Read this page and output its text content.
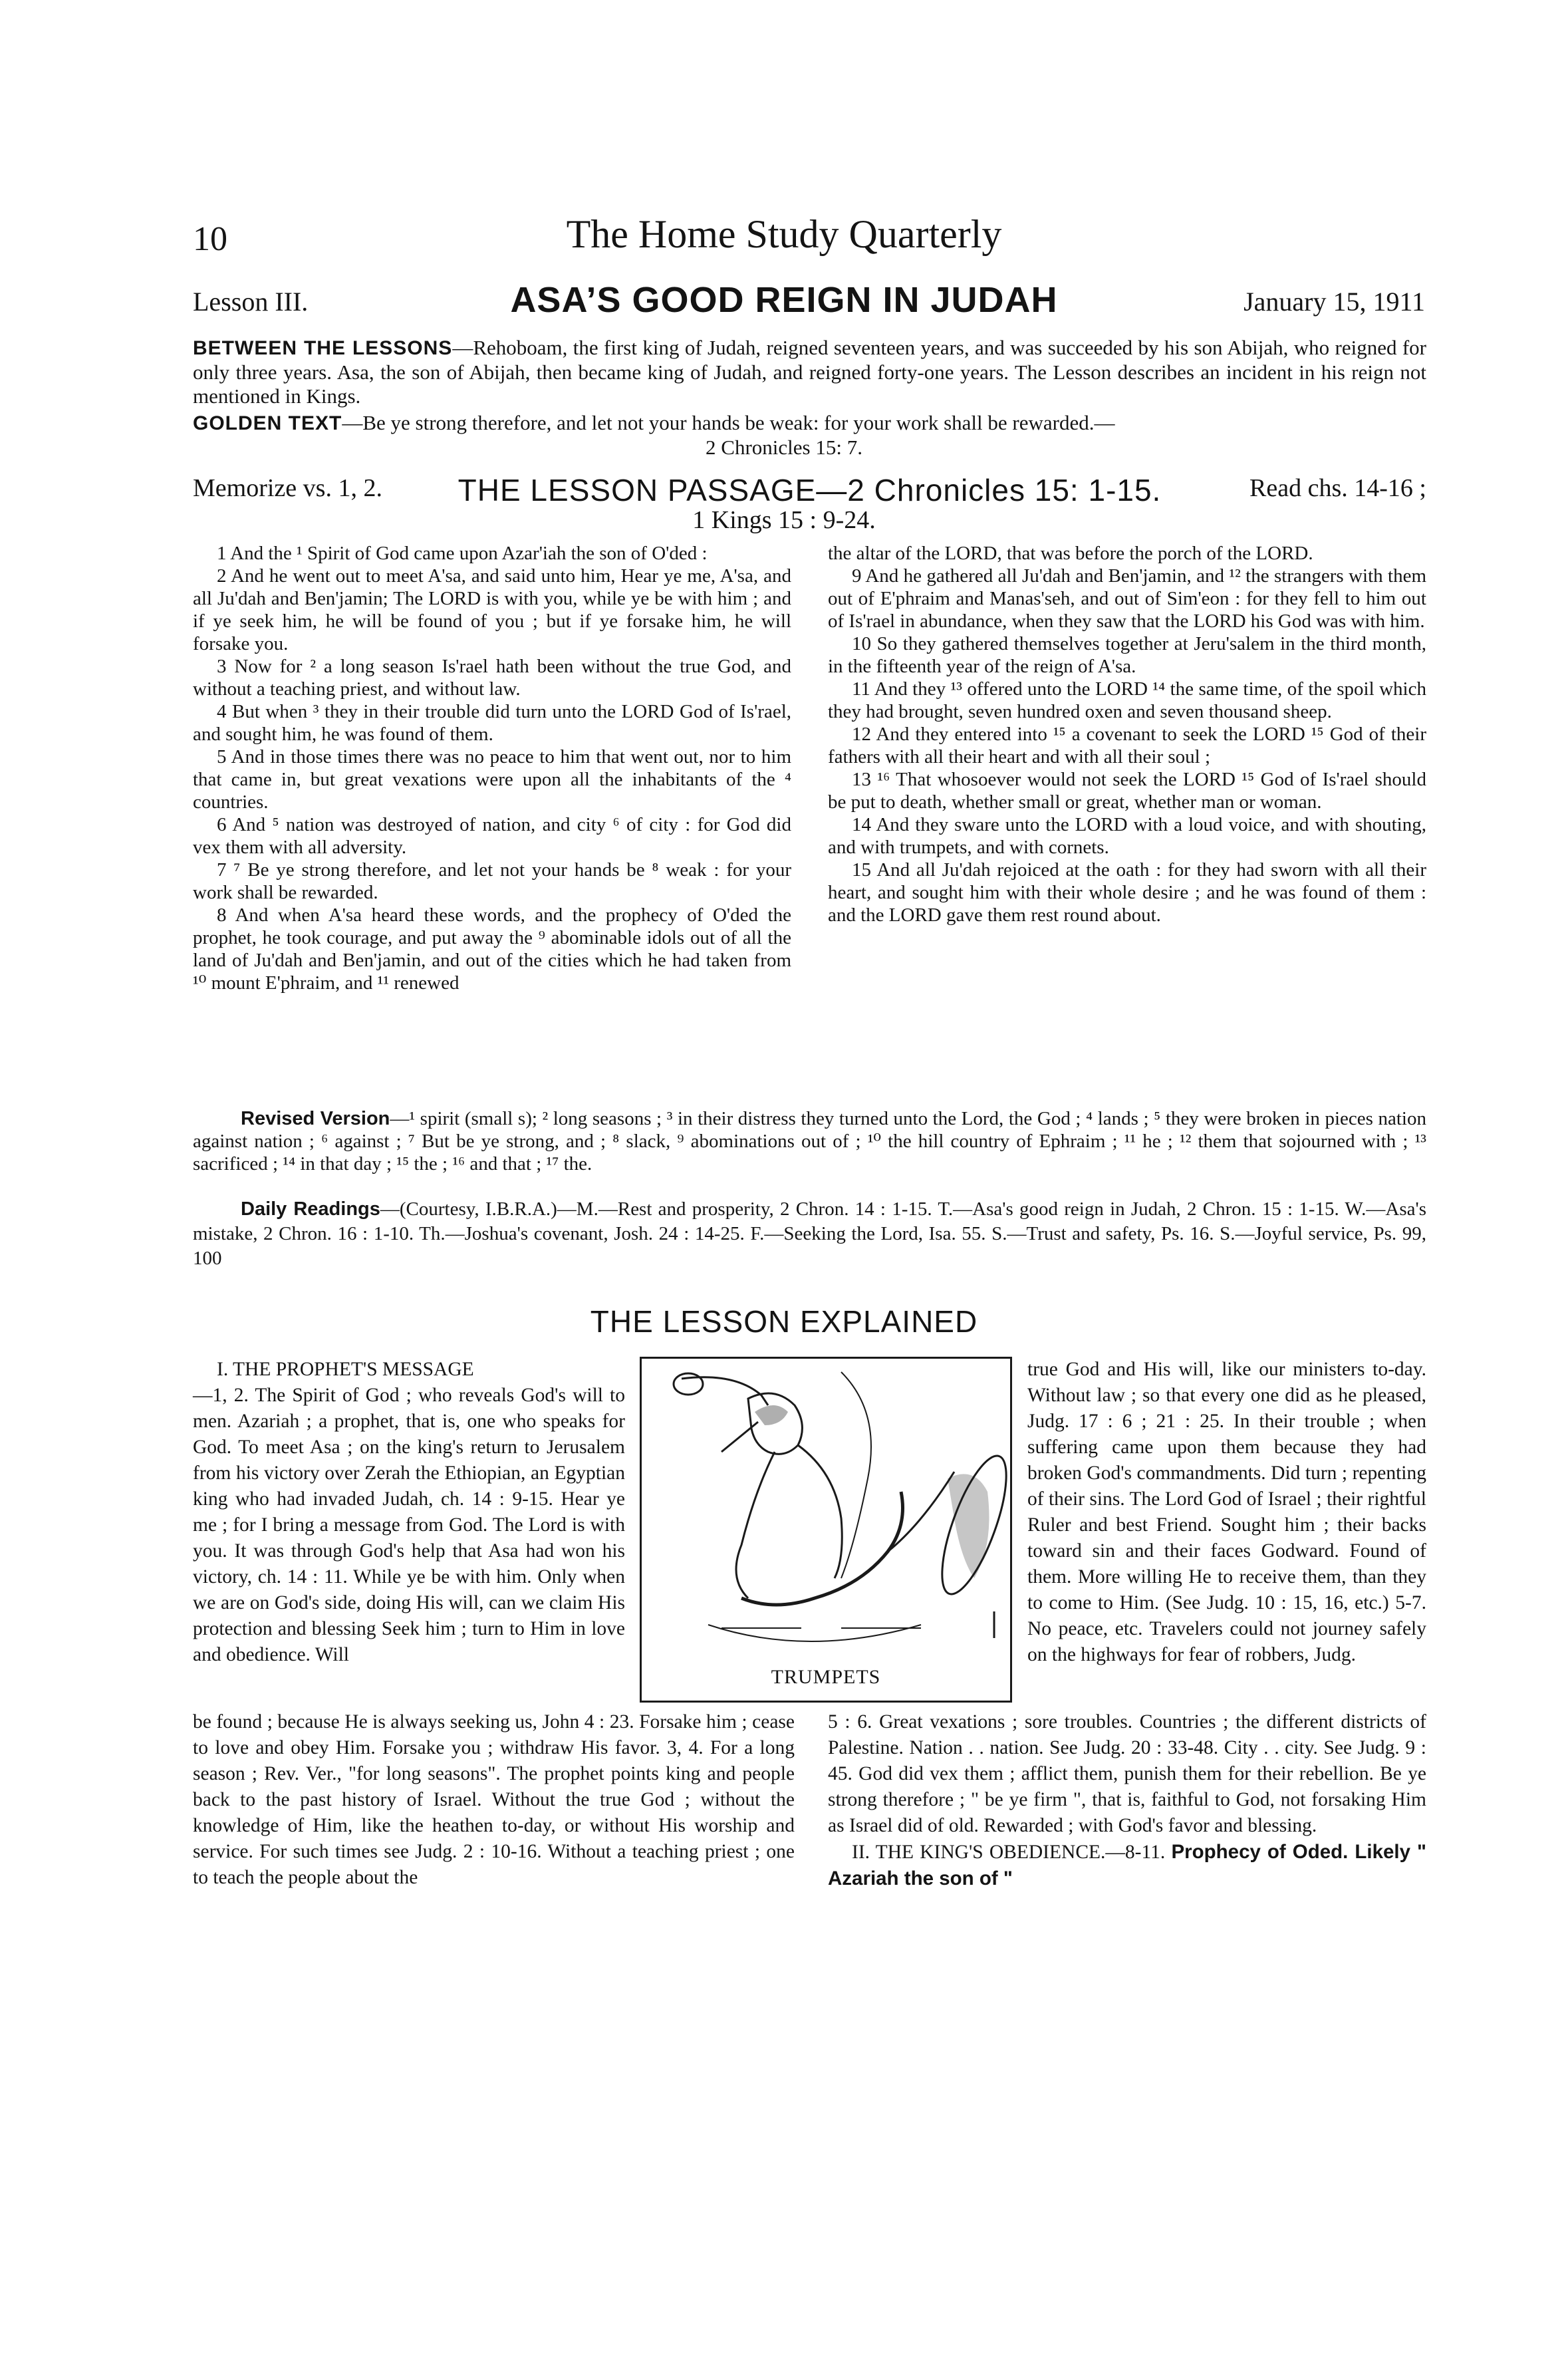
10	The Home Study Quarterly
Lesson III.	ASA’S GOOD REIGN IN JUDAH	January 15, 1911
BETWEEN THE LESSONS—Rehoboam, the first king of Judah, reigned seventeen years, and was succeeded by his son Abijah, who reigned for only three years. Asa, the son of Abijah, then became king of Judah, and reigned forty-one years. The Lesson describes an incident in his reign not mentioned in Kings.
GOLDEN TEXT—Be ye strong therefore, and let not your hands be weak: for your work shall be rewarded.—
2 Chronicles 15: 7.
Memorize vs. 1, 2. THE LESSON PASSAGE—2 Chronicles 15: 1-15.	Read chs. 14-16 ;
1 Kings 15 : 9-24.

1 And the ¹ Spirit of God came upon Azar'iah the son of O'ded :

2 And he went out to meet A'sa, and said unto him, Hear ye me, A'sa, and all Ju'dah and Ben'jamin; The LORD is with you, while ye be with him ; and if ye seek him, he will be found of you ; but if ye forsake him, he will forsake you.

3 Now for ² a long season Is'rael hath been without the true God, and without a teaching priest, and without law.

4 But when ³ they in their trouble did turn unto the LORD God of Is'rael, and sought him, he was found of them.

5 And in those times there was no peace to him that went out, nor to him that came in, but great vexations were upon all the inhabitants of the ⁴ countries.

6 And ⁵ nation was destroyed of nation, and city ⁶ of city : for God did vex them with all adversity.

7 ⁷ Be ye strong therefore, and let not your hands be ⁸ weak : for your work shall be rewarded.

8 And when A'sa heard these words, and the prophecy of O'ded the prophet, he took courage, and put away the ⁹ abominable idols out of all the land of Ju'dah and Ben'jamin, and out of the cities which he had taken from ¹⁰ mount E'phraim, and ¹¹ renewed

the altar of the LORD, that was before the porch of the LORD.

9 And he gathered all Ju'dah and Ben'jamin, and ¹² the strangers with them out of E'phraim and Manas'seh, and out of Sim'eon : for they fell to him out of Is'rael in abundance, when they saw that the LORD his God was with him.

10 So they gathered themselves together at Jeru'salem in the third month, in the fifteenth year of the reign of A'sa.

11 And they ¹³ offered unto the LORD ¹⁴ the same time, of the spoil which they had brought, seven hundred oxen and seven thousand sheep.

12 And they entered into ¹⁵ a covenant to seek the LORD ¹⁵ God of their fathers with all their heart and with all their soul ;

13 ¹⁶ That whosoever would not seek the LORD ¹⁵ God of Is'rael should be put to death, whether small or great, whether man or woman.

14 And they sware unto the LORD with a loud voice, and with shouting, and with trumpets, and with cornets.

15 And all Ju'dah rejoiced at the oath : for they had sworn with all their heart, and sought him with their whole desire ; and he was found of them : and the LORD gave them rest round about.

Revised Version—¹ spirit (small s); ² long seasons ; ³ in their distress they turned unto the Lord, the God ; ⁴ lands ; ⁵ they were broken in pieces nation against nation ; ⁶ against ; ⁷ But be ye strong, and ; ⁸ slack, ⁹ abominations out of ; ¹⁰ the hill country of Ephraim ; ¹¹ he ; ¹² them that sojourned with ; ¹³ sacrificed ; ¹⁴ in that day ; ¹⁵ the ; ¹⁶ and that ; ¹⁷ the.
Daily Readings—(Courtesy, I.B.R.A.)—M.—Rest and prosperity, 2 Chron. 14 : 1-15. T.—Asa's good reign in Judah, 2 Chron. 15 : 1-15. W.—Asa's mistake, 2 Chron. 16 : 1-10. Th.—Joshua's covenant, Josh. 24 : 14-25. F.—Seeking the Lord, Isa. 55. S.—Trust and safety, Ps. 16. S.—Joyful service, Ps. 99, 100
THE LESSON EXPLAINED

I. THE PROPHET'S MESSAGE

—1, 2. The Spirit of God ; who reveals God's will to men. Azariah ; a prophet, that is, one who speaks for God. To meet Asa ; on the king's return to Jerusalem from his victory over Zerah the Ethiopian, an Egyptian king who had invaded Judah, ch. 14 : 9-15. Hear ye me ; for I bring a message from God. The Lord is with you. It was through God's help that Asa had won his victory, ch. 14 : 11. While ye be with him. Only when we are on God's side, doing His will, can we claim His protection and blessing Seek him ; turn to Him in love and obedience. Will

TRUMPETS

true God and His will, like our ministers to-day. Without law ; so that every one did as he pleased, Judg. 17 : 6 ; 21 : 25. In their trouble ; when suffering came upon them because they had broken God's commandments. Did turn ; repenting of their sins. The Lord God of Israel ; their rightful Ruler and best Friend. Sought him ; their backs toward sin and their faces Godward. Found of them. More willing He to receive them, than they to come to Him. (See Judg. 10 : 15, 16, etc.) 5-7. No peace, etc. Travelers could not journey safely on the highways for fear of robbers, Judg.

be found ; because He is always seeking us, John 4 : 23. Forsake him ; cease to love and obey Him. Forsake you ; withdraw His favor. 3, 4. For a long season ; Rev. Ver., "for long seasons". The prophet points king and people back to the past history of Israel. Without the true God ; without the knowledge of Him, like the heathen to-day, or without His worship and service. For such times see Judg. 2 : 10-16. Without a teaching priest ; one to teach the people about the

5 : 6. Great vexations ; sore troubles. Countries ; the different districts of Palestine. Nation . . nation. See Judg. 20 : 33-48. City . . city. See Judg. 9 : 45. God did vex them ; afflict them, punish them for their rebellion. Be ye strong therefore ; " be ye firm ", that is, faithful to God, not forsaking Him as Israel did of old. Rewarded ; with God's favor and blessing.

II. THE KING'S OBEDIENCE.—8-11. Prophecy of Oded. Likely " Azariah the son of "
